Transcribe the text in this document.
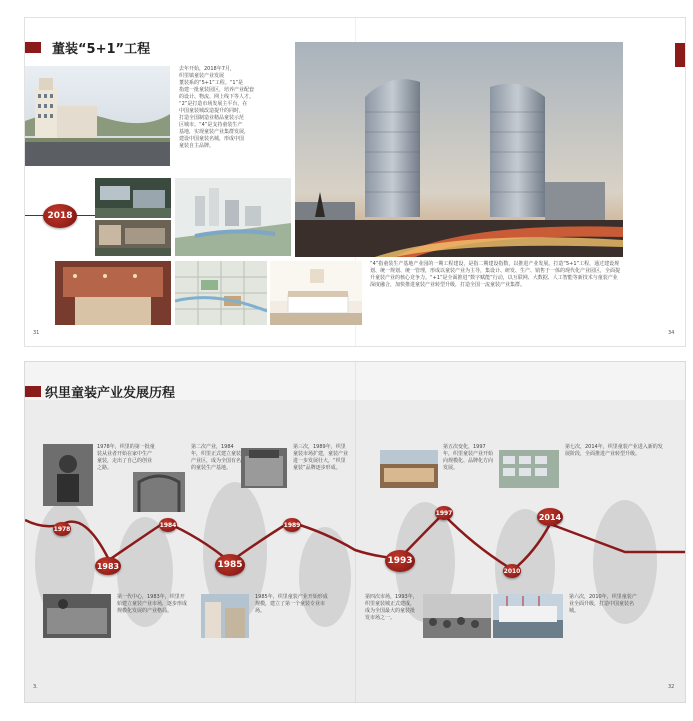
董装“5+1”工程
去年开始，2018年7月，
织里镇童装产业发展
董装系的“5+1”工程。“1”是
指建一批童装园区，培养产业配套
的设计、物流、网上线下等人才。
“2”是打造市场发展主平台，在
中国童装城改造提升的同时，
打造全国制造业精品童装示范
区城市。“4”是支持童装生产
基地，实现童装产业集群发展，
建设中国童装名城，形成中国
童装自主品牌。
2018
“4”指童装生产基地产业园的一期工程建设，是指二期建设指数，以推进产业发展。打造“5+1”工程，通过建设规划、统一规划、统一管理，形成以童装产业为主导，集设计、研发、生产、销售于一体的现代化产业园区，全面提升童装产业的核心竞争力。“+1”是全面推进“数字赋能”行动，以互联网、大数据、人工智能等新技术与童装产业深度融合，加快推进童装产业转型升级，打造全国一流童装产业集群。
31	34
织里童装产业发展历程
1978年，织里的第一批童装从业者开始在家中生产童装，走出了自己的创业之路。
1978
第二次产业，1984年，织里正式建立童装产业区，成为全国有名的童装生产基地。
1984
第三次，1989年，织里童装市场扩建，童装产业进一步发展壮大，“织里童装”品牌逐步形成。
1989
1983
第一代中心，1983年，织里开始建立童装产业市场，逐步形成规模化发展的产业格局。
1985
1985年，织里童装产业开始形成规模，建立了第一个童装专业市场。
1993
第四次市场，1993年，织里童装城正式建成，成为全国最大的童装批发市场之一。
第五次变化，1997年，织里童装产业开始向规模化、品牌化方向发展。
1997
2010
第六次，2010年，织里童装产业全面升级，打造中国童装名城。
第七次，2014年，织里童装产业进入新的发展阶段，全面推进产业转型升级。
2014
3.	32
